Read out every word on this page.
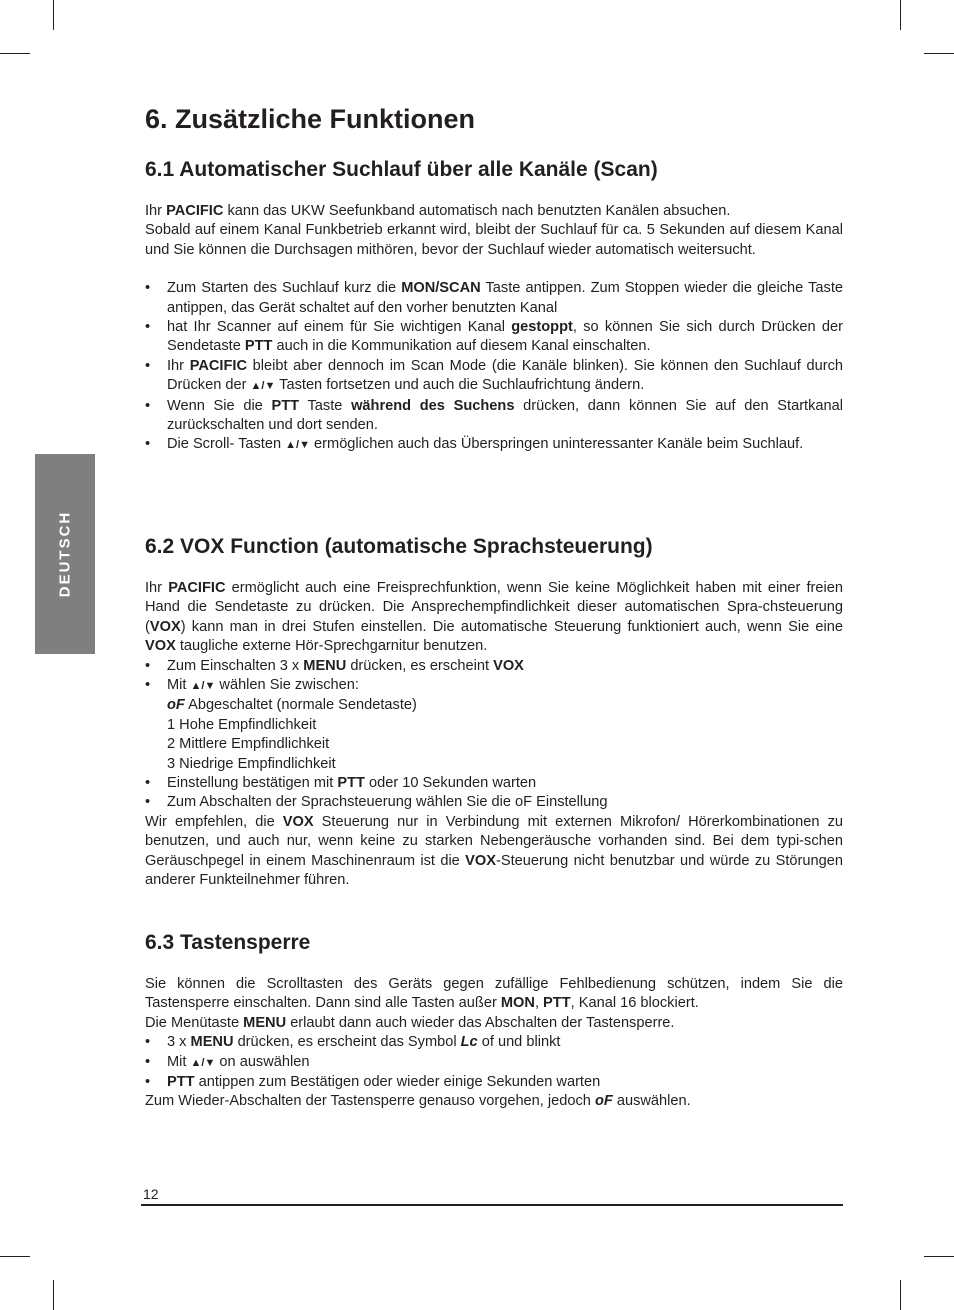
DEUTSCH
6. Zusätzliche Funktionen
6.1 Automatischer Suchlauf über alle Kanäle (Scan)

Ihr PACIFIC kann das UKW Seefunkband automatisch nach benutzten Kanälen absuchen.

Sobald auf einem Kanal Funkbetrieb erkannt wird, bleibt der Suchlauf für ca. 5 Sekunden auf diesem Kanal und Sie können die Durchsagen mithören, bevor der Suchlauf wieder automatisch weitersucht.

•	Zum Starten des Suchlauf kurz die MON/SCAN Taste antippen. Zum Stoppen wieder die gleiche Taste antippen, das Gerät schaltet auf den vorher benutzten Kanal
•	hat Ihr Scanner auf einem für Sie wichtigen Kanal gestoppt, so können Sie sich durch Drücken der Sendetaste PTT auch in die Kommunikation auf diesem Kanal einschalten.
•	Ihr PACIFIC bleibt aber dennoch im Scan Mode (die Kanäle blinken). Sie können den Suchlauf durch Drücken der ▲/▼ Tasten fortsetzen und auch die Suchlaufrichtung ändern.
•	Wenn Sie die PTT Taste während des Suchens drücken, dann können Sie auf den Startkanal zurückschalten und dort senden.
•	Die Scroll- Tasten ▲/▼ ermöglichen auch das Überspringen uninteressanter Kanäle beim Suchlauf.
6.2 VOX Function (automatische Sprachsteuerung)

Ihr PACIFIC ermöglicht auch eine Freisprechfunktion, wenn Sie keine Möglichkeit haben mit einer freien Hand die Sendetaste zu drücken. Die Ansprechempfindlichkeit dieser automatischen Spra-chsteuerung (VOX) kann man in drei Stufen einstellen. Die automatische Steuerung funktioniert auch, wenn Sie eine VOX taugliche externe Hör-Sprechgarnitur benutzen.

•	Zum Einschalten 3 x MENU drücken, es erscheint VOX
•	Mit ▲/▼ wählen Sie zwischen:
oF Abgeschaltet (normale Sendetaste)
1 Hohe Empfindlichkeit
2 Mittlere Empfindlichkeit
3 Niedrige Empfindlichkeit
•	Einstellung bestätigen mit PTT oder 10 Sekunden warten
•	Zum Abschalten der Sprachsteuerung wählen Sie die oF Einstellung

Wir empfehlen, die VOX Steuerung nur in Verbindung mit externen Mikrofon/ Hörerkombinationen zu benutzen, und auch nur, wenn keine zu starken Nebengeräusche vorhanden sind. Bei dem typi-schen Geräuschpegel in einem Maschinenraum ist die VOX-Steuerung nicht benutzbar und würde zu Störungen anderer Funkteilnehmer führen.

6.3 Tastensperre

Sie können die Scrolltasten des Geräts gegen zufällige Fehlbedienung schützen, indem Sie die Tastensperre einschalten. Dann sind alle Tasten außer MON, PTT, Kanal 16 blockiert.

Die Menütaste MENU erlaubt dann auch wieder das Abschalten der Tastensperre.

•	3 x MENU drücken, es erscheint das Symbol Lc of und blinkt
•	Mit ▲/▼ on auswählen
•	PTT antippen zum Bestätigen oder wieder einige Sekunden warten

Zum Wieder-Abschalten der Tastensperre genauso vorgehen, jedoch oF auswählen.

12
